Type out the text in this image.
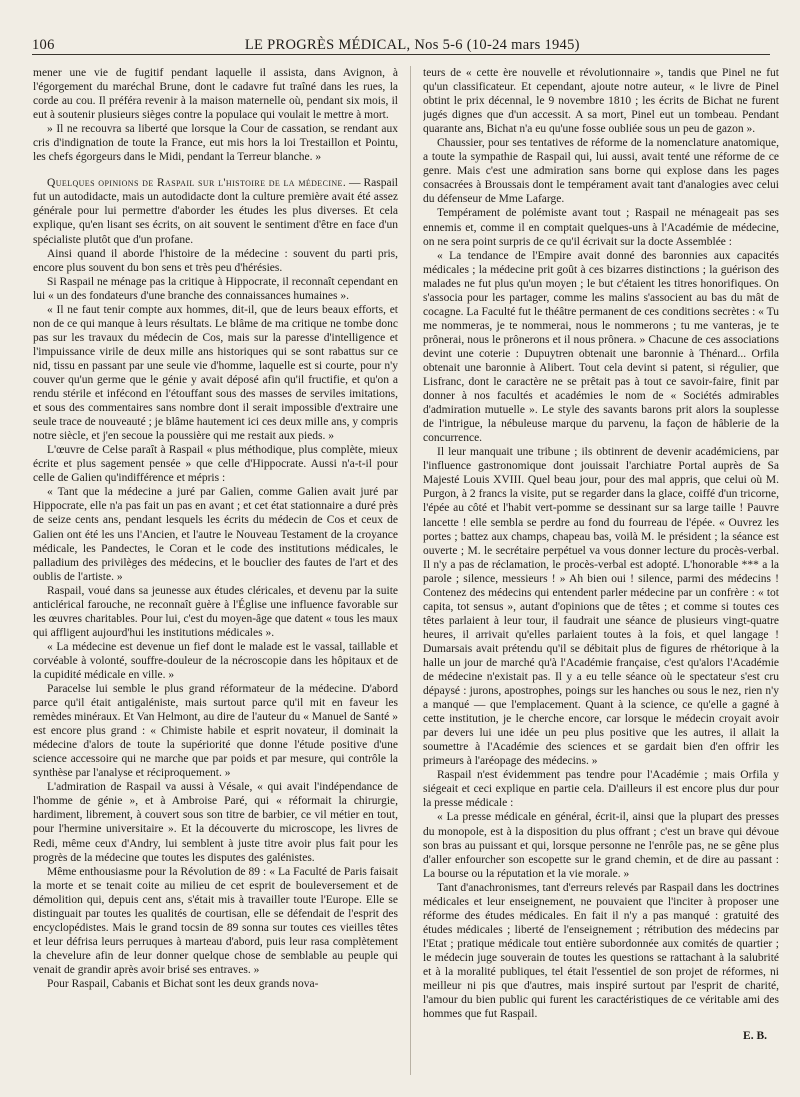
106	LE PROGRÈS MÉDICAL, Nos 5-6 (10-24 mars 1945)

mener une vie de fugitif pendant laquelle il assista, dans Avignon, à l'égorgement du maréchal Brune, dont le cadavre fut traîné dans les rues, la corde au cou. Il préféra revenir à la maison maternelle où, pendant six mois, il eut à soutenir plusieurs sièges contre la populace qui voulait le mettre à mort.

» Il ne recouvra sa liberté que lorsque la Cour de cassation, se rendant aux cris d'indignation de toute la France, eut mis hors la loi Trestaillon et Pointu, les chefs égorgeurs dans le Midi, pendant la Terreur blanche. »

Quelques opinions de Raspail sur l'histoire de la médecine. — Raspail fut un autodidacte, mais un autodidacte dont la culture première avait été assez générale pour lui permettre d'aborder les études les plus diverses. Et cela explique, qu'en lisant ses écrits, on ait souvent le sentiment d'être en face d'un spécialiste plutôt que d'un profane.

Ainsi quand il aborde l'histoire de la médecine : souvent du parti pris, encore plus souvent du bon sens et très peu d'hérésies.

Si Raspail ne ménage pas la critique à Hippocrate, il reconnaît cependant en lui « un des fondateurs d'une branche des connaissances humaines ».

« Il ne faut tenir compte aux hommes, dit-il, que de leurs beaux efforts, et non de ce qui manque à leurs résultats. Le blâme de ma critique ne tombe donc pas sur les travaux du médecin de Cos, mais sur la paresse d'intelligence et l'impuissance virile de deux mille ans historiques qui se sont rabattus sur ce nid, tissu en passant par une seule vie d'homme, laquelle est si courte, pour n'y couver qu'un germe que le génie y avait déposé afin qu'il fructifie, et qu'on a rendu stérile et infécond en l'étouffant sous des masses de serviles imitations, et sous des commentaires sans nombre dont il serait impossible d'extraire une seule trace de nouveauté ; je blâme hautement ici ces deux mille ans, y compris notre siècle, et j'en secoue la poussière qui me restait aux pieds. »

L'œuvre de Celse paraît à Raspail « plus méthodique, plus complète, mieux écrite et plus sagement pensée » que celle d'Hippocrate. Aussi n'a-t-il pour celle de Galien qu'indifférence et mépris :

« Tant que la médecine a juré par Galien, comme Galien avait juré par Hippocrate, elle n'a pas fait un pas en avant ; et cet état stationnaire a duré près de seize cents ans, pendant lesquels les écrits du médecin de Cos et ceux de Galien ont été les uns l'Ancien, et l'autre le Nouveau Testament de la croyance médicale, les Pandectes, le Coran et le code des institutions médicales, le palladium des privilèges des médecins, et le bouclier des fautes de l'art et des oublis de l'artiste. »

Raspail, voué dans sa jeunesse aux études cléricales, et devenu par la suite anticlérical farouche, ne reconnaît guère à l'Église une influence favorable sur les œuvres charitables. Pour lui, c'est du moyen-âge que datent « tous les maux qui affligent aujourd'hui les institutions médicales ».

« La médecine est devenue un fief dont le malade est le vassal, taillable et corvéable à volonté, souffre-douleur de la nécroscopie dans les hôpitaux et de la cupidité médicale en ville. »

Paracelse lui semble le plus grand réformateur de la médecine. D'abord parce qu'il était antigaléniste, mais surtout parce qu'il mit en faveur les remèdes minéraux. Et Van Helmont, au dire de l'auteur du « Manuel de Santé » est encore plus grand : « Chimiste habile et esprit novateur, il dominait la médecine d'alors de toute la supériorité que donne l'étude positive d'une science accessoire qui ne marche que par poids et par mesure, qui contrôle la synthèse par l'analyse et réciproquement. »

L'admiration de Raspail va aussi à Vésale, « qui avait l'indépendance de l'homme de génie », et à Ambroise Paré, qui « réformait la chirurgie, hardiment, librement, à couvert sous son titre de barbier, ce vil métier en tout, pour l'hermine universitaire ». Et la découverte du microscope, les livres de Redi, même ceux d'Andry, lui semblent à juste titre avoir plus fait pour les progrès de la médecine que toutes les disputes des galénistes.

Même enthousiasme pour la Révolution de 89 : « La Faculté de Paris faisait la morte et se tenait coite au milieu de cet esprit de bouleversement et de démolition qui, depuis cent ans, s'était mis à travailler toute l'Europe. Elle se distinguait par toutes les qualités de courtisan, elle se défendait de l'esprit des encyclopédistes. Mais le grand tocsin de 89 sonna sur toutes ces vieilles têtes et leur défrisa leurs perruques à marteau d'abord, puis leur rasa complètement la chevelure afin de leur donner quelque chose de semblable au peuple qui venait de grandir après avoir brisé ses entraves. »

Pour Raspail, Cabanis et Bichat sont les deux grands nova-

teurs de « cette ère nouvelle et révolutionnaire », tandis que Pinel ne fut qu'un classificateur. Et cependant, ajoute notre auteur, « le livre de Pinel obtint le prix décennal, le 9 novembre 1810 ; les écrits de Bichat ne furent jugés dignes que d'un accessit. A sa mort, Pinel eut un tombeau. Pendant quarante ans, Bichat n'a eu qu'une fosse oubliée sous un peu de gazon ».

Chaussier, pour ses tentatives de réforme de la nomenclature anatomique, a toute la sympathie de Raspail qui, lui aussi, avait tenté une réforme de ce genre. Mais c'est une admiration sans borne qui explose dans les pages consacrées à Broussais dont le tempérament avait tant d'analogies avec celui du défenseur de Mme Lafarge.

Tempérament de polémiste avant tout ; Raspail ne ménageait pas ses ennemis et, comme il en comptait quelques-uns à l'Académie de médecine, on ne sera point surpris de ce qu'il écrivait sur la docte Assemblée :

« La tendance de l'Empire avait donné des baronnies aux capacités médicales ; la médecine prit goût à ces bizarres distinctions ; la guérison des malades ne fut plus qu'un moyen ; le but c'étaient les titres honorifiques. On s'associa pour les partager, comme les malins s'associent au bas du mât de cocagne. La Faculté fut le théâtre permanent de ces conditions secrètes : « Tu me nommeras, je te nommerai, nous le nommerons ; tu me vanteras, je te prônerai, nous le prônerons et il nous prônera. » Chacune de ces associations devint une coterie : Dupuytren obtenait une baronnie à Thénard... Orfila obtenait une baronnie à Alibert. Tout cela devint si patent, si régulier, que Lisfranc, dont le caractère ne se prêtait pas à tout ce savoir-faire, finit par donner à nos facultés et académies le nom de « Sociétés admirables d'admiration mutuelle ». Le style des savants barons prit alors la souplesse de l'intrigue, la nébuleuse marque du parvenu, la façon de hâblerie de la concurrence.

Il leur manquait une tribune ; ils obtinrent de devenir académiciens, par l'influence gastronomique dont jouissait l'archiatre Portal auprès de Sa Majesté Louis XVIII. Quel beau jour, pour des mal appris, que celui où M. Purgon, à 2 francs la visite, put se regarder dans la glace, coiffé d'un tricorne, l'épée au côté et l'habit vert-pomme se dessinant sur sa large taille ! Pauvre lancette ! elle sembla se perdre au fond du fourreau de l'épée. « Ouvrez les portes ; battez aux champs, chapeau bas, voilà M. le président ; la séance est ouverte ; M. le secrétaire perpétuel va vous donner lecture du procès-verbal. Il n'y a pas de réclamation, le procès-verbal est adopté. L'honorable *** a la parole ; silence, messieurs ! » Ah bien oui ! silence, parmi des médecins ! Contenez des médecins qui entendent parler médecine par un confrère : « tot capita, tot sensus », autant d'opinions que de têtes ; et comme si toutes ces têtes parlaient à leur tour, il faudrait une séance de plusieurs vingt-quatre heures, il arrivait qu'elles parlaient toutes à la fois, et quel langage ! Dumarsais avait prétendu qu'il se débitait plus de figures de rhétorique à la halle un jour de marché qu'à l'Académie française, c'est qu'alors l'Académie de médecine n'existait pas. Il y a eu telle séance où le spectateur s'est cru dépaysé : jurons, apostrophes, poings sur les hanches ou sous le nez, rien n'y a manqué — que l'emplacement. Quant à la science, ce qu'elle a gagné à cette institution, je le cherche encore, car lorsque le médecin croyait avoir par devers lui une idée un peu plus positive que les autres, il allait la soumettre à l'Académie des sciences et se gardait bien d'en offrir les primeurs à l'aréopage des médecins. »

Raspail n'est évidemment pas tendre pour l'Académie ; mais Orfila y siégeait et ceci explique en partie cela. D'ailleurs il est encore plus dur pour la presse médicale :

« La presse médicale en général, écrit-il, ainsi que la plupart des presses du monopole, est à la disposition du plus offrant ; c'est un brave qui dévoue son bras au puissant et qui, lorsque personne ne l'enrôle pas, ne se gêne plus d'aller enfourcher son escopette sur le grand chemin, et de dire au passant : La bourse ou la réputation et la vie morale. »

Tant d'anachronismes, tant d'erreurs relevés par Raspail dans les doctrines médicales et leur enseignement, ne pouvaient que l'inciter à proposer une réforme des études médicales. En fait il n'y a pas manqué : gratuité des études médicales ; liberté de l'enseignement ; rétribution des médecins par l'Etat ; pratique médicale tout entière subordonnée aux comités de quartier ; le médecin juge souverain de toutes les questions se rattachant à la salubrité et à la moralité publiques, tel était l'essentiel de son projet de réformes, ni meilleur ni pis que d'autres, mais inspiré surtout par l'esprit de charité, l'amour du bien public qui furent les caractéristiques de ce véritable ami des hommes que fut Raspail.

E. B.
